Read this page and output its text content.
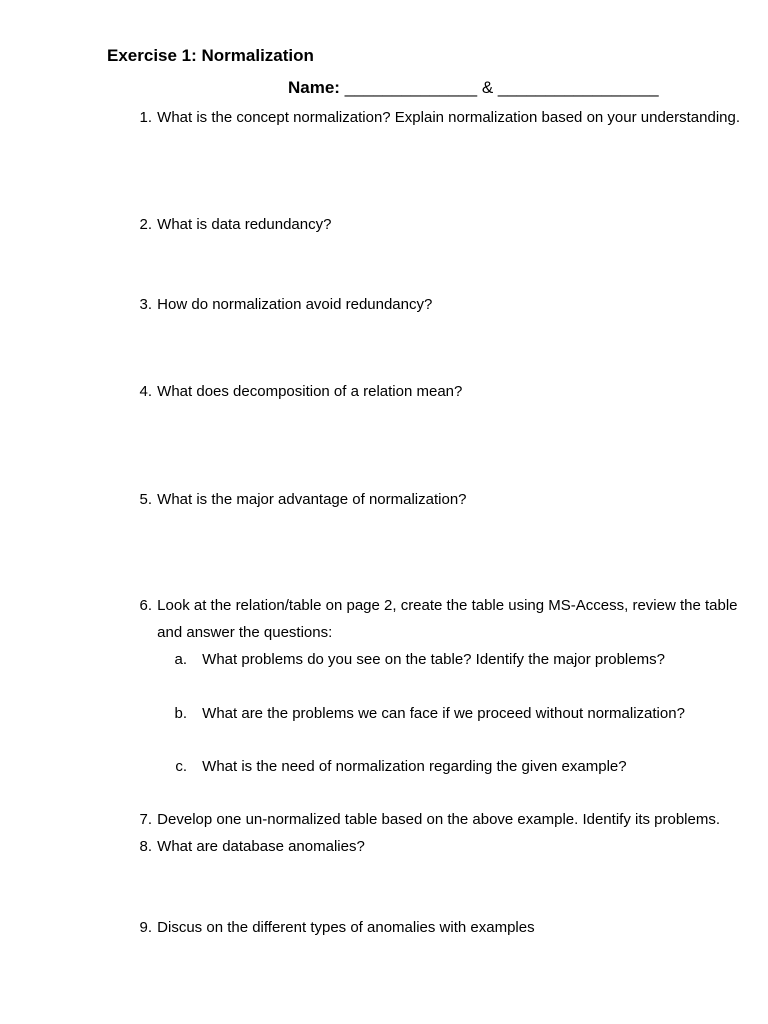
Exercise 1: Normalization
Name: ______________ & _________________
1. What is the concept normalization? Explain normalization based on your understanding.
2. What is data redundancy?
3. How do normalization avoid redundancy?
4. What does decomposition of a relation mean?
5. What is the major advantage of normalization?
6. Look at the relation/table on page 2, create the table using MS-Access, review the table and answer the questions:
a. What problems do you see on the table? Identify the major problems?
b. What are the problems we can face if we proceed without normalization?
c. What is the need of normalization regarding the given example?
7. Develop one un-normalized table based on the above example. Identify its problems.
8. What are database anomalies?
9. Discus on the different types of anomalies with examples
